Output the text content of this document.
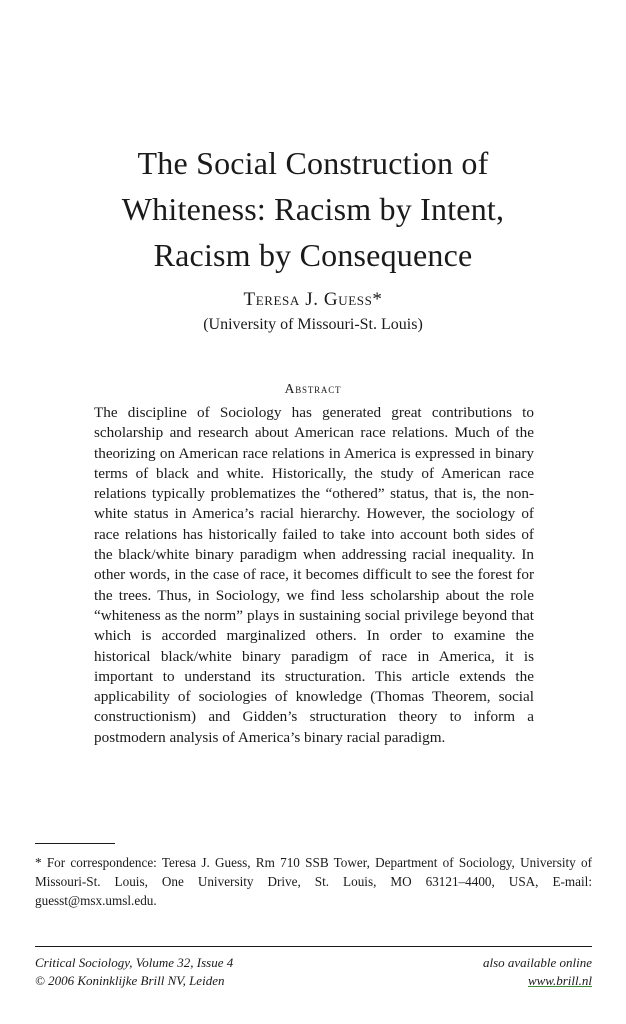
The Social Construction of
Whiteness: Racism by Intent,
Racism by Consequence
Teresa J. Guess*
(University of Missouri-St. Louis)
Abstract

The discipline of Sociology has generated great contributions to scholarship and research about American race relations. Much of the theorizing on American race relations in America is expressed in binary terms of black and white. Historically, the study of American race relations typically problematizes the “othered” status, that is, the non-white status in America’s racial hierarchy. However, the sociology of race relations has historically failed to take into account both sides of the black/white binary paradigm when addressing racial inequality. In other words, in the case of race, it becomes difficult to see the forest for the trees. Thus, in Sociology, we find less scholarship about the role “whiteness as the norm” plays in sustaining social privilege beyond that which is accorded marginalized others. In order to examine the historical black/white binary paradigm of race in America, it is important to understand its structuration. This article extends the applicability of sociologies of knowledge (Thomas Theorem, social constructionism) and Gidden’s structuration theory to inform a postmodern analysis of America’s binary racial paradigm.

* For correspondence: Teresa J. Guess, Rm 710 SSB Tower, Department of Sociology, University of Missouri-St. Louis, One University Drive, St. Louis, MO 63121–4400, USA, E-mail: guesst@msx.umsl.edu.

Critical Sociology, Volume 32, Issue 4
© 2006 Koninklijke Brill NV, Leiden
also available online
www.brill.nl
